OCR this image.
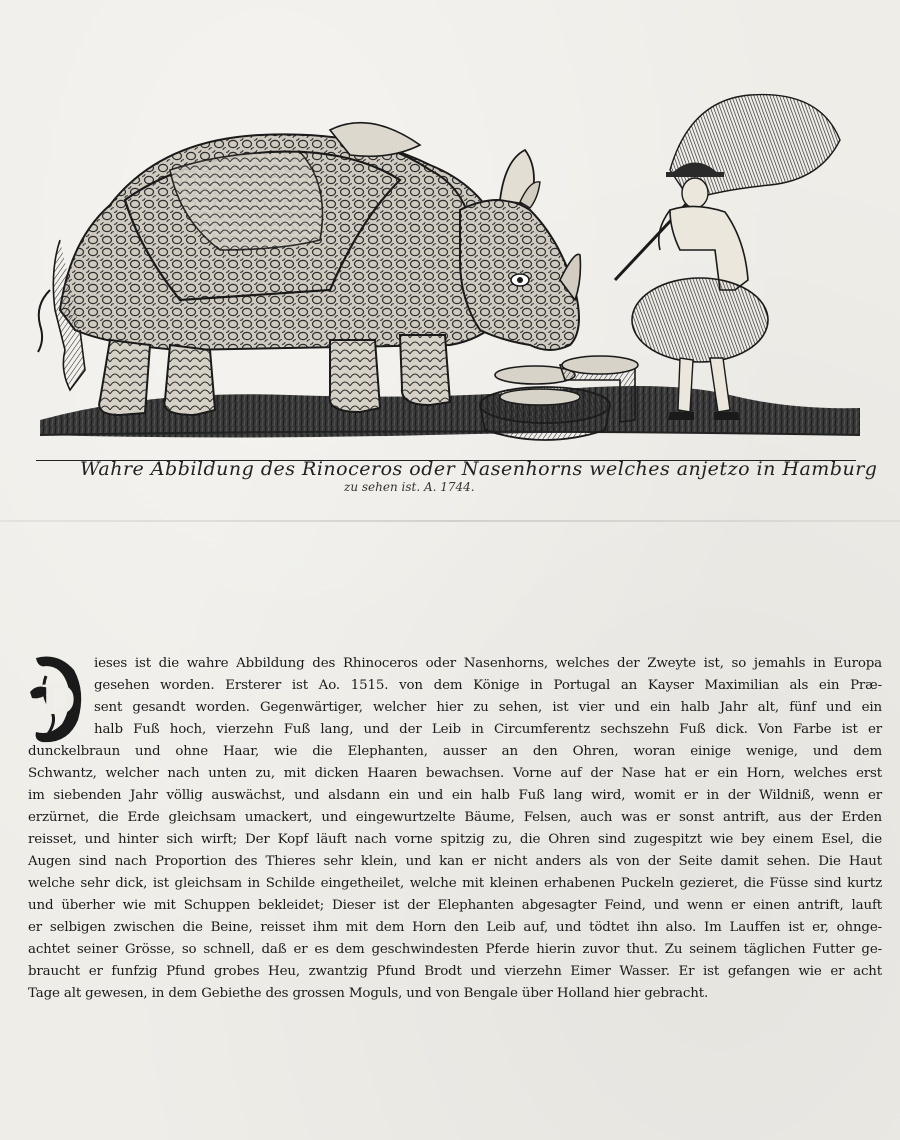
Wahre Abbildung des Rinoceros oder Nasenhorns welches anjetzo in Hamburg
zu sehen ist. A. 1744.
D
ieses ist die wahre Abbildung des Rhinoceros oder Nasenhorns, welches der Zweyte ist, so jemahls in Europa
gesehen worden. Ersterer ist Ao. 1515. von dem Könige in Portugal an Kayser Maximilian als ein Præ-
sent gesandt worden. Gegenwärtiger, welcher hier zu sehen, ist vier und ein halb Jahr alt, fünf und ein
halb Fuß hoch, vierzehn Fuß lang, und der Leib in Circumferentz sechszehn Fuß dick. Von Farbe ist er
dunckelbraun und ohne Haar, wie die Elephanten, ausser an den Ohren, woran einige wenige, und dem
Schwantz, welcher nach unten zu, mit dicken Haaren bewachsen. Vorne auf der Nase hat er ein Horn, welches erst
im siebenden Jahr völlig auswächst, und alsdann ein und ein halb Fuß lang wird, womit er in der Wildniß, wenn er
erzürnet, die Erde gleichsam umackert, und eingewurtzelte Bäume, Felsen, auch was er sonst antrift, aus der Erden
reisset, und hinter sich wirft; Der Kopf läuft nach vorne spitzig zu, die Ohren sind zugespitzt wie bey einem Esel, die
Augen sind nach Proportion des Thieres sehr klein, und kan er nicht anders als von der Seite damit sehen. Die Haut
welche sehr dick, ist gleichsam in Schilde eingetheilet, welche mit kleinen erhabenen Puckeln gezieret, die Füsse sind kurtz
und überher wie mit Schuppen bekleidet; Dieser ist der Elephanten abgesagter Feind, und wenn er einen antrift, lauft
er selbigen zwischen die Beine, reisset ihm mit dem Horn den Leib auf, und tödtet ihn also. Im Lauffen ist er, ohnge-
achtet seiner Grösse, so schnell, daß er es dem geschwindesten Pferde hierin zuvor thut. Zu seinem täglichen Futter ge-
braucht er funfzig Pfund grobes Heu, zwantzig Pfund Brodt und vierzehn Eimer Wasser. Er ist gefangen wie er acht
Tage alt gewesen, in dem Gebiethe des grossen Moguls, und von Bengale über Holland hier gebracht.
